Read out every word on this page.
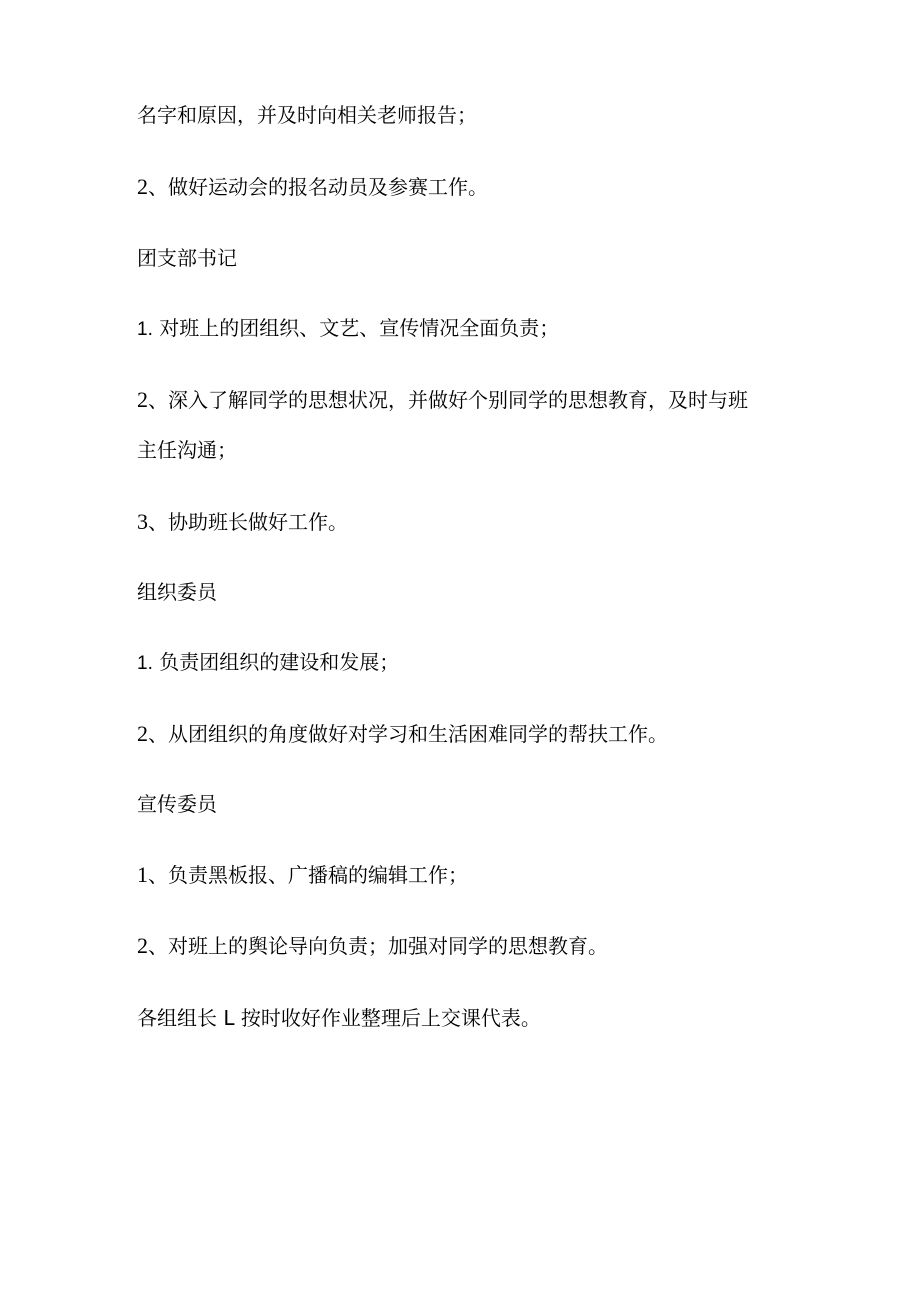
名字和原因，并及时向相关老师报告；
2、做好运动会的报名动员及参赛工作。
团支部书记
1. 对班上的团组织、文艺、宣传情况全面负责；
2、深入了解同学的思想状况，并做好个别同学的思想教育，及时与班
主任沟通；
3、协助班长做好工作。
组织委员
1. 负责团组织的建设和发展；
2、从团组织的角度做好对学习和生活困难同学的帮扶工作。
宣传委员
1、负责黑板报、广播稿的编辑工作；
2、对班上的舆论导向负责；加强对同学的思想教育。
各组组长 L 按时收好作业整理后上交课代表。
